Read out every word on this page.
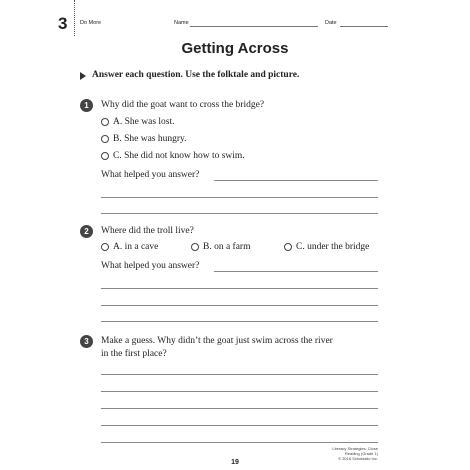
3 Do More	Name	Date
Getting Across
Answer each question. Use the folktale and picture.
1	Why did the goat want to cross the bridge?
A. She was lost.
B. She was hungry.
C. She did not know how to swim.
What helped you answer?
2	Where did the troll live?
A. in a cave	B. on a farm	C. under the bridge
What helped you answer?
3	Make a guess. Why didn’t the goat just swim across the river
in the first place?
Literacy Strategies: Close Reading (Grade 1)
© 2018 Scholastic Inc.
19
